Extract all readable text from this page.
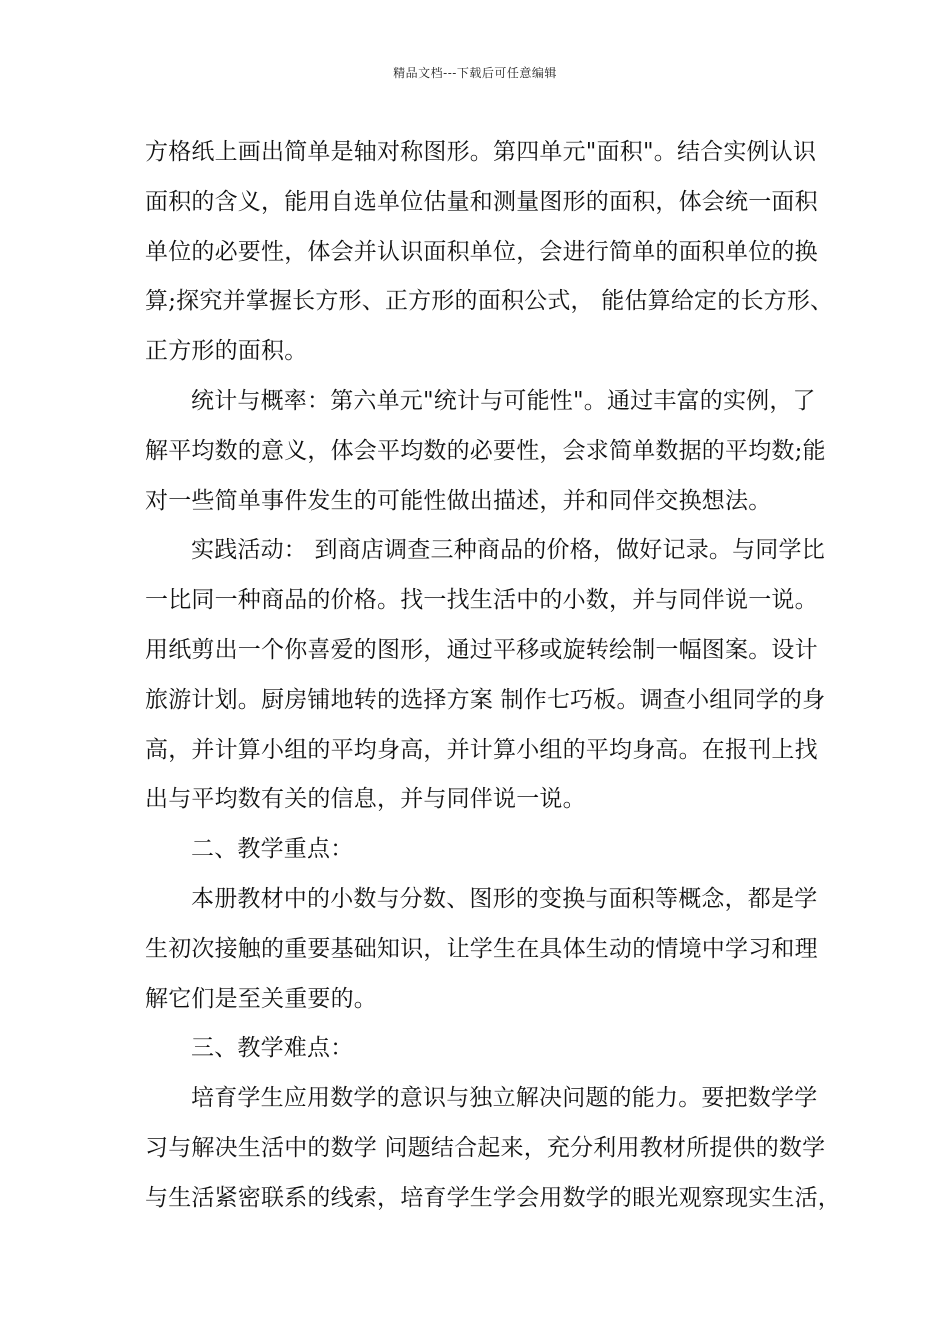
精品文档---下载后可任意编辑
方格纸上画出简单是轴对称图形。第四单元"面积"。结合实例认识
面积的含义，能用自选单位估量和测量图形的面积，体会统一面积
单位的必要性，体会并认识面积单位，会进行简单的面积单位的换
算;探究并掌握长方形、正方形的面积公式， 能估算给定的长方形、
正方形的面积。
统计与概率：第六单元"统计与可能性"。通过丰富的实例，了
解平均数的意义，体会平均数的必要性，会求简单数据的平均数;能
对一些简单事件发生的可能性做出描述，并和同伴交换想法。
实践活动： 到商店调查三种商品的价格，做好记录。与同学比
一比同一种商品的价格。找一找生活中的小数，并与同伴说一说。
用纸剪出一个你喜爱的图形，通过平移或旋转绘制一幅图案。设计
旅游计划。厨房铺地转的选择方案 制作七巧板。调查小组同学的身
高，并计算小组的平均身高，并计算小组的平均身高。在报刊上找
出与平均数有关的信息，并与同伴说一说。
二、教学重点：
本册教材中的小数与分数、图形的变换与面积等概念，都是学
生初次接触的重要基础知识，让学生在具体生动的情境中学习和理
解它们是至关重要的。
三、教学难点：
培育学生应用数学的意识与独立解决问题的能力。要把数学学
习与解决生活中的数学 问题结合起来，充分利用教材所提供的数学
与生活紧密联系的线索，培育学生学会用数学的眼光观察现实生活，
